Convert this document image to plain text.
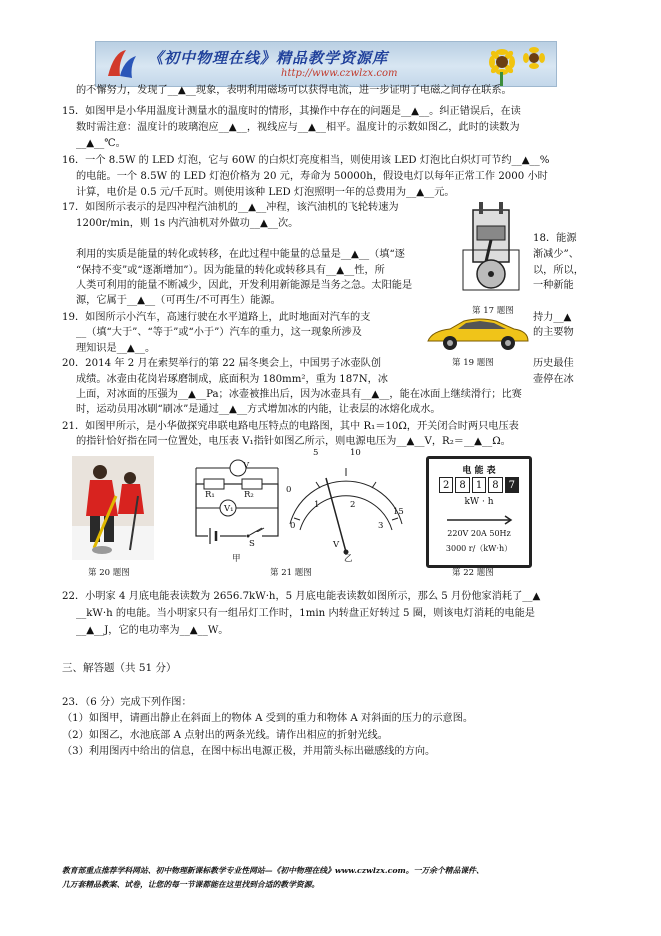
《初中物理在线》精品教学资源库
http://www.czwlzx.com
的不懈努力，发现了__▲__现象，表明利用磁场可以获得电流，进一步证明了电磁之间存在联系。
15．如图甲是小华用温度计测量水的温度时的情形，其操作中存在的问题是__▲__。纠正错误后，在读
数时需注意：温度计的玻璃泡应__▲__，视线应与__▲__相平。温度计的示数如图乙，此时的读数为
__▲__℃。
16．一个 8.5W 的 LED 灯泡，它与 60W 的白炽灯亮度相当，则使用该 LED 灯泡比白炽灯可节约__▲__%
的电能。一个 8.5W 的 LED 灯泡价格为 20 元，寿命为 50000h，假设电灯以每年正常工作 2000 小时
计算，电价是 0.5 元/千瓦时。则使用该种 LED 灯泡照明一年的总费用为__▲__元。
17．如图所示表示的是四冲程汽油机的__▲__冲程，该汽油机的飞轮转速为
1200r/min，则 1s 内汽油机对外做功__▲__次。
利用的实质是能量的转化或转移，在此过程中能量的总量是__▲__（填“逐
“保持不变”或“逐渐增加”）。因为能量的转化或转移具有__▲__性，所
人类可利用的能量不断减少，因此，开发利用新能源是当务之急。太阳能是
源，它属于__▲__（可再生/不可再生）能源。
19．如图所示小汽车，高速行驶在水平道路上，此时地面对汽车的支
__（填“大于”、“等于”或“小于”）汽车的重力，这一现象所涉及
理知识是__▲__。
20．2014 年 2 月在索契举行的第 22 届冬奥会上，中国男子冰壶队创
成绩。冰壶由花岗岩琢磨制成，底面积为 180mm²，重为 187N，冰
上面，对冰面的压强为__▲__Pa；冰壶被推出后，因为冰壶具有__▲__，能在冰面上继续滑行；比赛
时，运动员用冰刷“刷冰”是通过__▲__方式增加冰的内能，让表层的冰熔化成水。
21．如图甲所示，是小华做探究串联电路电压特点的电路图，其中 R₁＝10Ω，开关闭合时两只电压表
的指针恰好指在同一位置处，电压表 V₁指针如图乙所示，则电源电压为__▲__V，R₂＝__▲__Ω。
22．小明家 4 月底电能表读数为 2656.7kW·h，5 月底电能表读数如图所示，那么 5 月份他家消耗了__▲
__kW·h 的电能。当小明家只有一组吊灯工作时，1min 内转盘正好转过 5 圈，则该电灯消耗的电能是
__▲__J，它的电功率为__▲__W。
18．能源
渐减少”、
以，所以，
一种新能
持力__▲
的主要物
历史最佳
壶停在冰
第 17 题图
第 19 题图
第 20 题图
V
R₁	R₂
V₁
S
甲
5	10
0
15
0
1	2
3
V
乙
第 21 题图
电 能 表
2	8	1	8	7
kW · h
220V 20A 50Hz
3000 r/（kW·h）
第 22 题图
三、解答题（共 51 分）
23．（6 分）完成下列作图：
（1）如图甲，请画出静止在斜面上的物体 A 受到的重力和物体 A 对斜面的压力的示意图。
（2）如图乙，水池底部 A 点射出的两条光线。请作出相应的折射光线。
（3）利用图丙中给出的信息，在图中标出电源正极，并用箭头标出磁感线的方向。
教育部重点推荐学科网站、初中物理新课标教学专业性网站—《初中物理在线》www.czwlzx.com。一万余个精品课件、
几万套精品教案、试卷，让您的每一节课都能在这里找到合适的教学资源。
